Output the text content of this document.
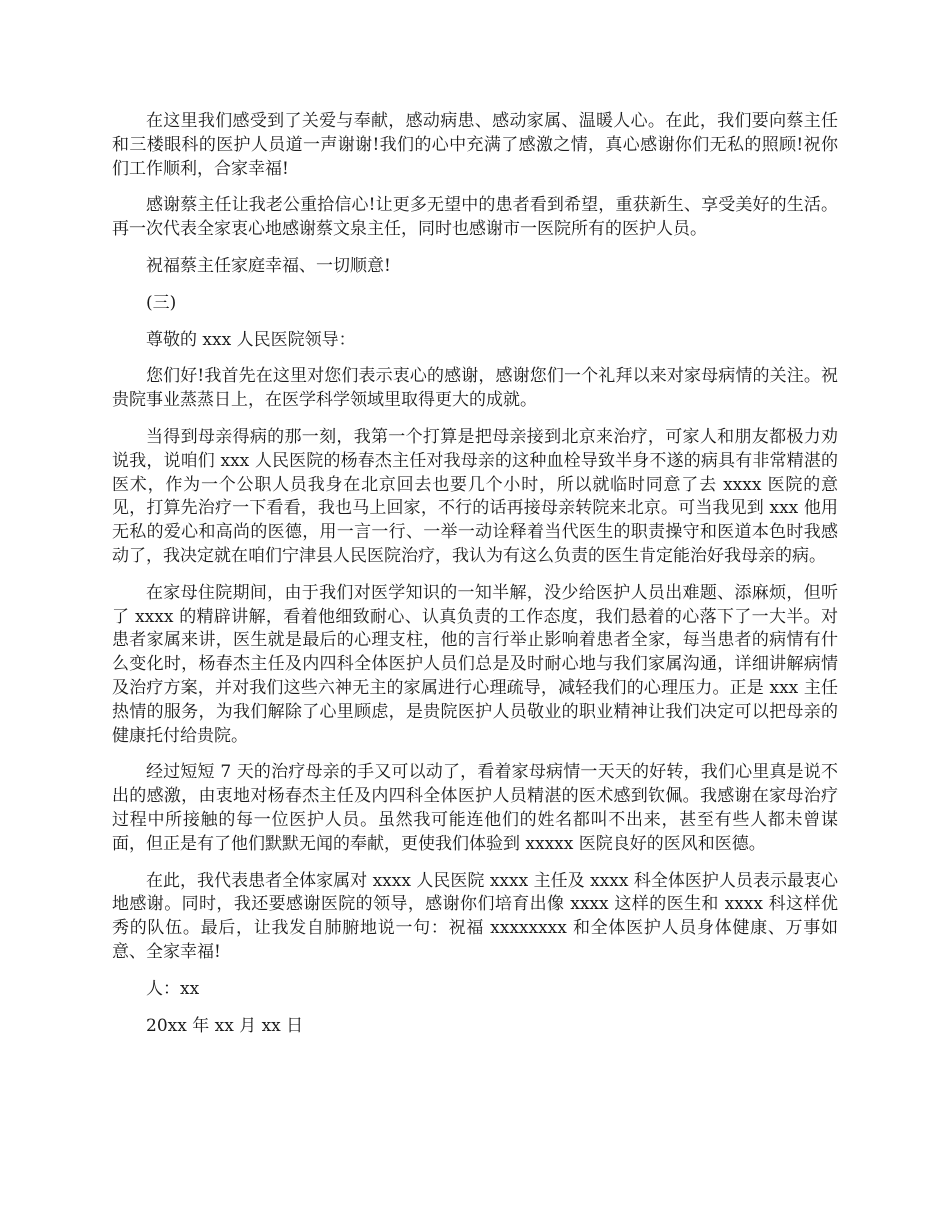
在这里我们感受到了关爱与奉献，感动病患、感动家属、温暖人心。在此，我们要向蔡主任和三楼眼科的医护人员道一声谢谢!我们的心中充满了感激之情，真心感谢你们无私的照顾!祝你们工作顺利，合家幸福!

感谢蔡主任让我老公重拾信心!让更多无望中的患者看到希望，重获新生、享受美好的生活。再一次代表全家衷心地感谢蔡文泉主任，同时也感谢市一医院所有的医护人员。

祝福蔡主任家庭幸福、一切顺意!

(三)

尊敬的 xxx 人民医院领导：

您们好!我首先在这里对您们表示衷心的感谢，感谢您们一个礼拜以来对家母病情的关注。祝贵院事业蒸蒸日上，在医学科学领域里取得更大的成就。

当得到母亲得病的那一刻，我第一个打算是把母亲接到北京来治疗，可家人和朋友都极力劝说我，说咱们 xxx 人民医院的杨春杰主任对我母亲的这种血栓导致半身不遂的病具有非常精湛的医术，作为一个公职人员我身在北京回去也要几个小时，所以就临时同意了去 xxxx 医院的意见，打算先治疗一下看看，我也马上回家，不行的话再接母亲转院来北京。可当我见到 xxx 他用无私的爱心和高尚的医德，用一言一行、一举一动诠释着当代医生的职责操守和医道本色时我感动了，我决定就在咱们宁津县人民医院治疗，我认为有这么负责的医生肯定能治好我母亲的病。

在家母住院期间，由于我们对医学知识的一知半解，没少给医护人员出难题、添麻烦，但听了 xxxx 的精辟讲解，看着他细致耐心、认真负责的工作态度，我们悬着的心落下了一大半。对患者家属来讲，医生就是最后的心理支柱，他的言行举止影响着患者全家，每当患者的病情有什么变化时，杨春杰主任及内四科全体医护人员们总是及时耐心地与我们家属沟通，详细讲解病情及治疗方案，并对我们这些六神无主的家属进行心理疏导，减轻我们的心理压力。正是 xxx 主任热情的服务，为我们解除了心里顾虑，是贵院医护人员敬业的职业精神让我们决定可以把母亲的健康托付给贵院。

经过短短 7 天的治疗母亲的手又可以动了，看着家母病情一天天的好转，我们心里真是说不出的感激，由衷地对杨春杰主任及内四科全体医护人员精湛的医术感到钦佩。我感谢在家母治疗过程中所接触的每一位医护人员。虽然我可能连他们的姓名都叫不出来，甚至有些人都未曾谋面，但正是有了他们默默无闻的奉献，更使我们体验到 xxxxx 医院良好的医风和医德。

在此，我代表患者全体家属对 xxxx 人民医院 xxxx 主任及 xxxx 科全体医护人员表示最衷心地感谢。同时，我还要感谢医院的领导，感谢你们培育出像 xxxx 这样的医生和 xxxx 科这样优秀的队伍。最后，让我发自肺腑地说一句：祝福 xxxxxxxx 和全体医护人员身体健康、万事如意、全家幸福!

人：xx

20xx 年 xx 月 xx 日
